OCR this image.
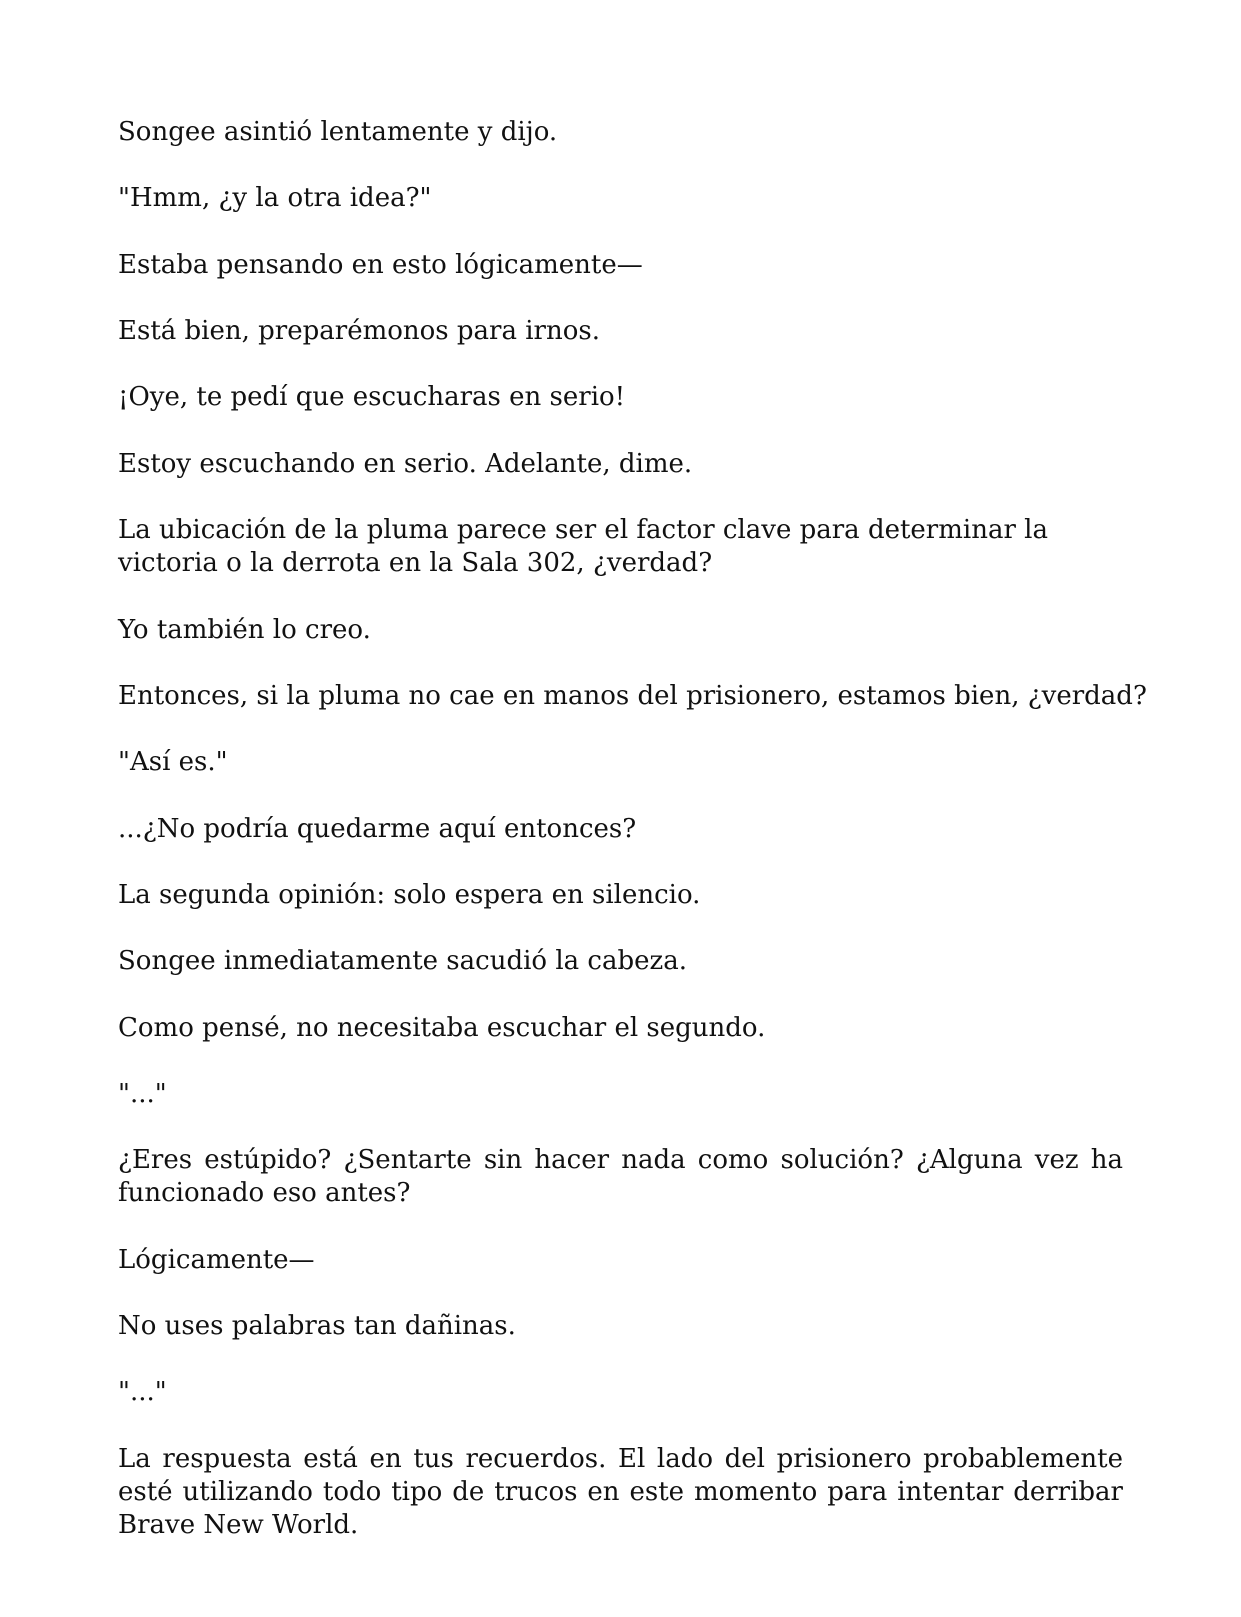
Songee asintió lentamente y dijo.

"Hmm, ¿y la otra idea?"

Estaba pensando en esto lógicamente—

Está bien, preparémonos para irnos.

¡Oye, te pedí que escucharas en serio!

Estoy escuchando en serio. Adelante, dime.

La ubicación de la pluma parece ser el factor clave para determinar la victoria o la derrota en la Sala 302, ¿verdad?

Yo también lo creo.

Entonces, si la pluma no cae en manos del prisionero, estamos bien, ¿verdad?

"Así es."

...¿No podría quedarme aquí entonces?

La segunda opinión: solo espera en silencio.

Songee inmediatamente sacudió la cabeza.

Como pensé, no necesitaba escuchar el segundo.

"..."

¿Eres estúpido? ¿Sentarte sin hacer nada como solución? ¿Alguna vez ha funcionado eso antes?

Lógicamente—

No uses palabras tan dañinas.

"..."

La respuesta está en tus recuerdos. El lado del prisionero probablemente esté utilizando todo tipo de trucos en este momento para intentar derribar Brave New World.
